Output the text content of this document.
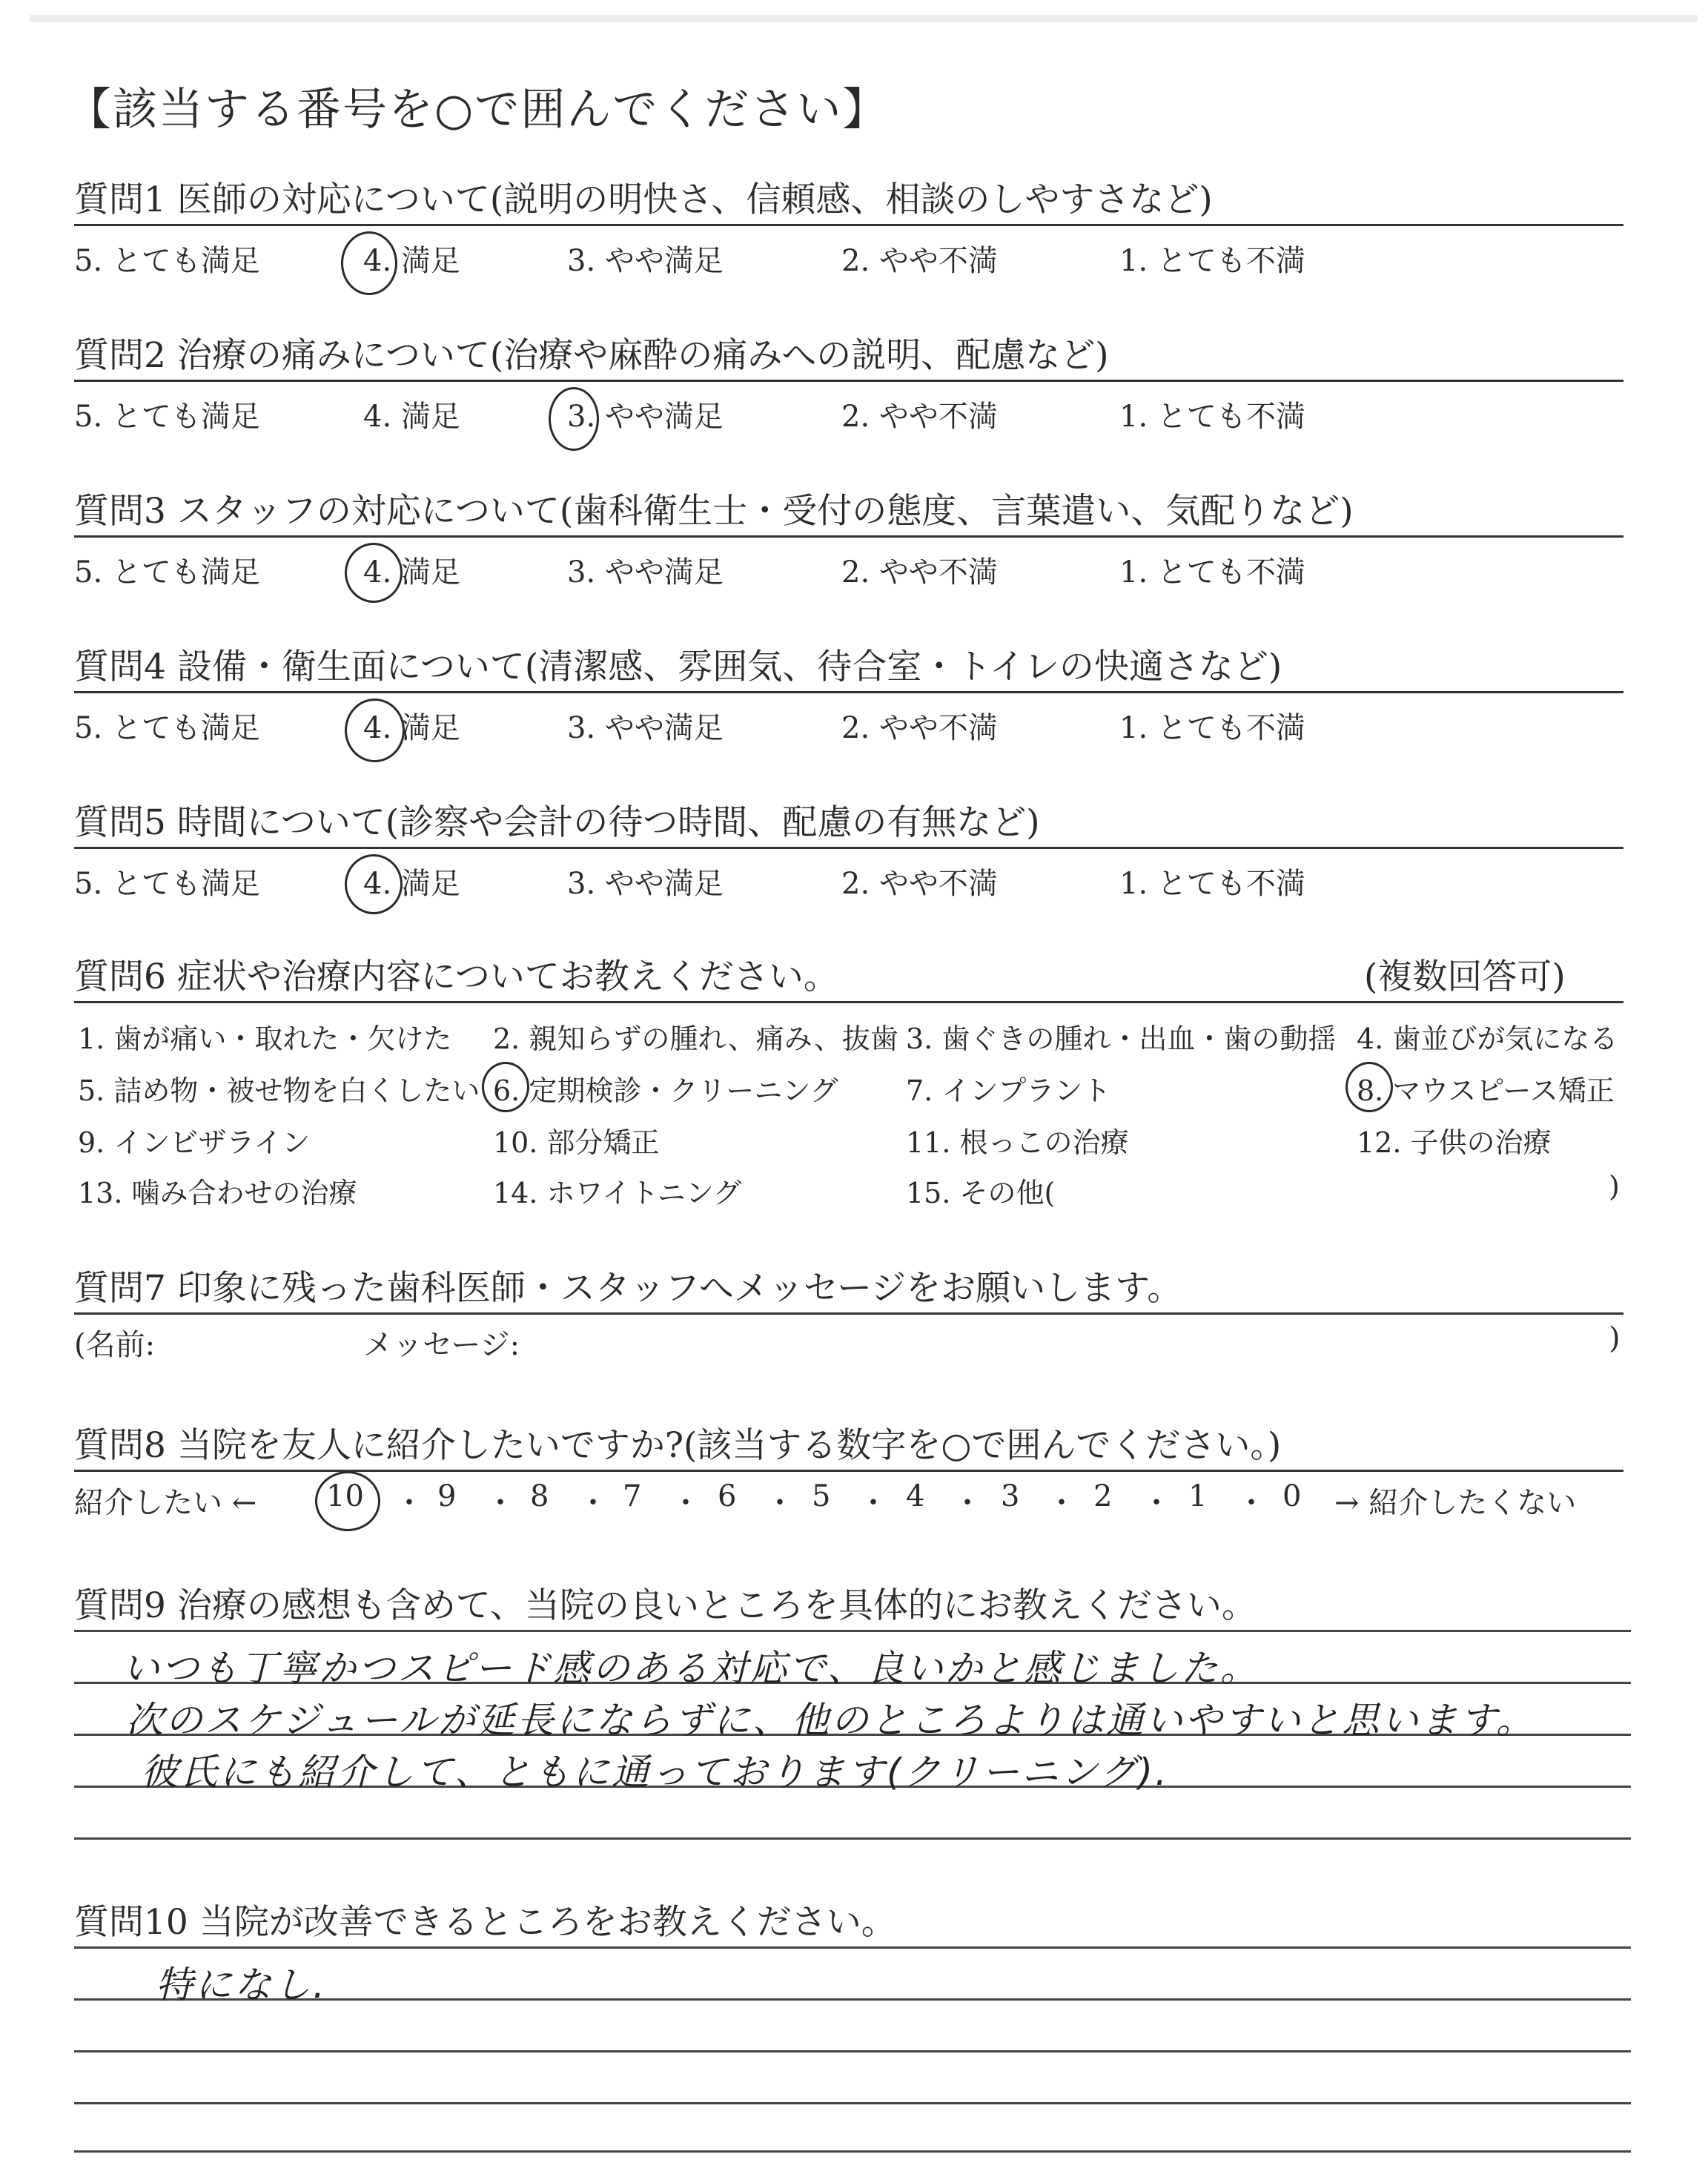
【該当する番号を○で囲んでください】
質問1 医師の対応について(説明の明快さ、信頼感、相談のしやすさなど)
5. とても満足	4. 満足	3. やや満足	2. やや不満	1. とても不満
質問2 治療の痛みについて(治療や麻酔の痛みへの説明、配慮など)
5. とても満足	4. 満足	3. やや満足	2. やや不満	1. とても不満
質問3 スタッフの対応について(歯科衛生士・受付の態度、言葉遣い、気配りなど)
5. とても満足	4. 満足	3. やや満足	2. やや不満	1. とても不満
質問4 設備・衛生面について(清潔感、雰囲気、待合室・トイレの快適さなど)
5. とても満足	4. 満足	3. やや満足	2. やや不満	1. とても不満
質問5 時間について(診察や会計の待つ時間、配慮の有無など)
5. とても満足	4. 満足	3. やや満足	2. やや不満	1. とても不満
質問6 症状や治療内容についてお教えください。	(複数回答可)
1. 歯が痛い・取れた・欠けた 2. 親知らずの腫れ、痛み、抜歯 3. 歯ぐきの腫れ・出血・歯の動揺 4. 歯並びが気になる
5. 詰め物・被せ物を白くしたい 6. 定期検診・クリーニング 7. インプラント	8. マウスピース矯正
9. インビザライン	10. 部分矯正	11. 根っこの治療	12. 子供の治療
13. 噛み合わせの治療	14. ホワイトニング	15. その他(	)
質問7 印象に残った歯科医師・スタッフへメッセージをお願いします。
(名前:	メッセージ:	)
質問8 当院を友人に紹介したいですか?(該当する数字を○で囲んでください。)
紹介したい ←	→ 紹介したくない
10 ・ 9 ・ 8 ・ 7 ・ 6 ・ 5 ・ 4 ・ 3 ・ 2 ・ 1 ・ 0
質問9 治療の感想も含めて、当院の良いところを具体的にお教えください。
いつも丁寧かつスピード感のある対応で、良いかと感じました。
次のスケジュールが延長にならずに、他のところよりは通いやすいと思います。
彼氏にも紹介して、ともに通っております(クリーニング).
質問10 当院が改善できるところをお教えください。
特になし.
